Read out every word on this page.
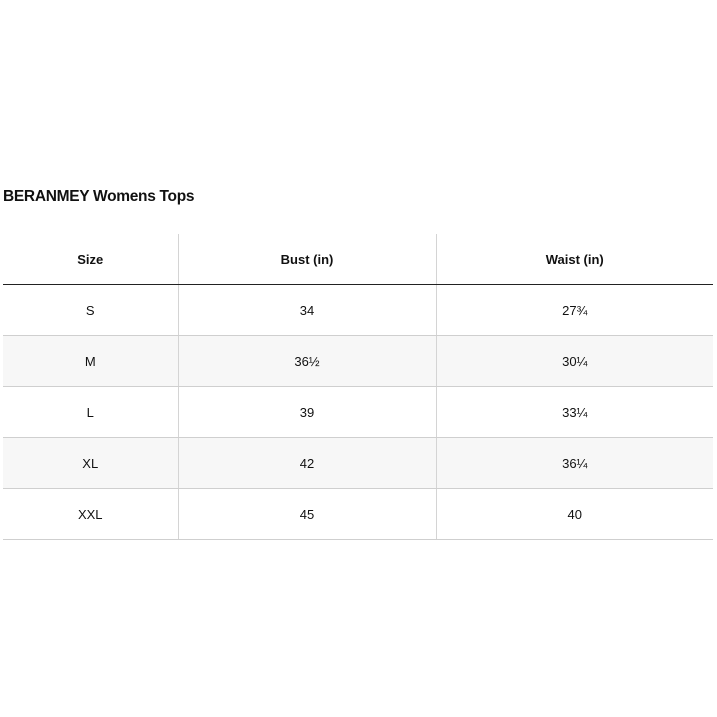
BERANMEY Womens Tops
Size	Bust (in)	Waist (in)
S	34	27¾
M	36½	30¼
L	39	33¼
XL	42	36¼
XXL	45	40
